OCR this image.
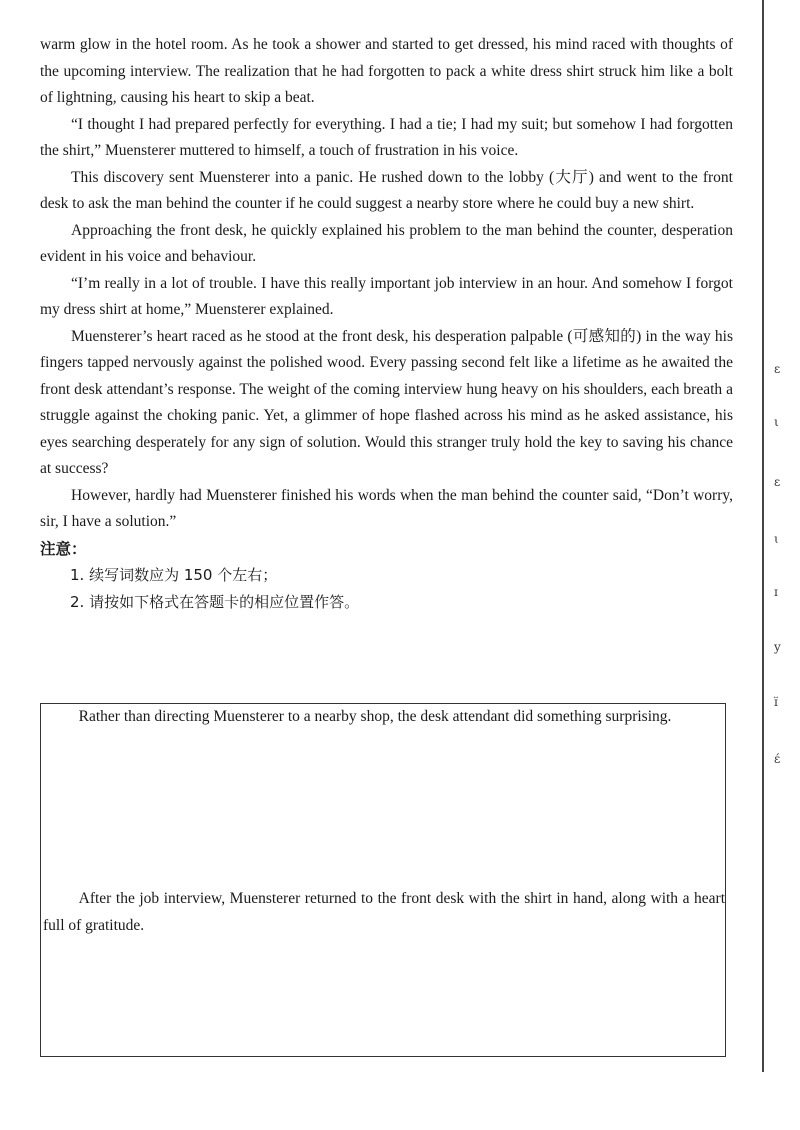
warm glow in the hotel room. As he took a shower and started to get dressed, his mind raced with thoughts of the upcoming interview. The realization that he had forgotten to pack a white dress shirt struck him like a bolt of lightning, causing his heart to skip a beat.

“I thought I had prepared perfectly for everything. I had a tie; I had my suit; but somehow I had forgotten the shirt,” Muensterer muttered to himself, a touch of frustration in his voice.

This discovery sent Muensterer into a panic. He rushed down to the lobby (大厅) and went to the front desk to ask the man behind the counter if he could suggest a nearby store where he could buy a new shirt.

Approaching the front desk, he quickly explained his problem to the man behind the counter, desperation evident in his voice and behaviour.

“I’m really in a lot of trouble. I have this really important job interview in an hour. And somehow I forgot my dress shirt at home,” Muensterer explained.

Muensterer’s heart raced as he stood at the front desk, his desperation palpable (可感知的) in the way his fingers tapped nervously against the polished wood. Every passing second felt like a lifetime as he awaited the front desk attendant’s response. The weight of the coming interview hung heavy on his shoulders, each breath a struggle against the choking panic. Yet, a glimmer of hope flashed across his mind as he asked assistance, his eyes searching desperately for any sign of solution. Would this stranger truly hold the key to saving his chance at success?

However, hardly had Muensterer finished his words when the man behind the counter said, “Don’t worry, sir, I have a solution.”

注意：

1. 续写词数应为 150 个左右；

2. 请按如下格式在答题卡的相应位置作答。

Rather than directing Muensterer to a nearby shop, the desk attendant did something surprising.

After the job interview, Muensterer returned to the front desk with the shirt in hand, along with a heart full of gratitude.

ε
ι
ε
ɩ
ɪ
y
ɪ̈
ɛ́
